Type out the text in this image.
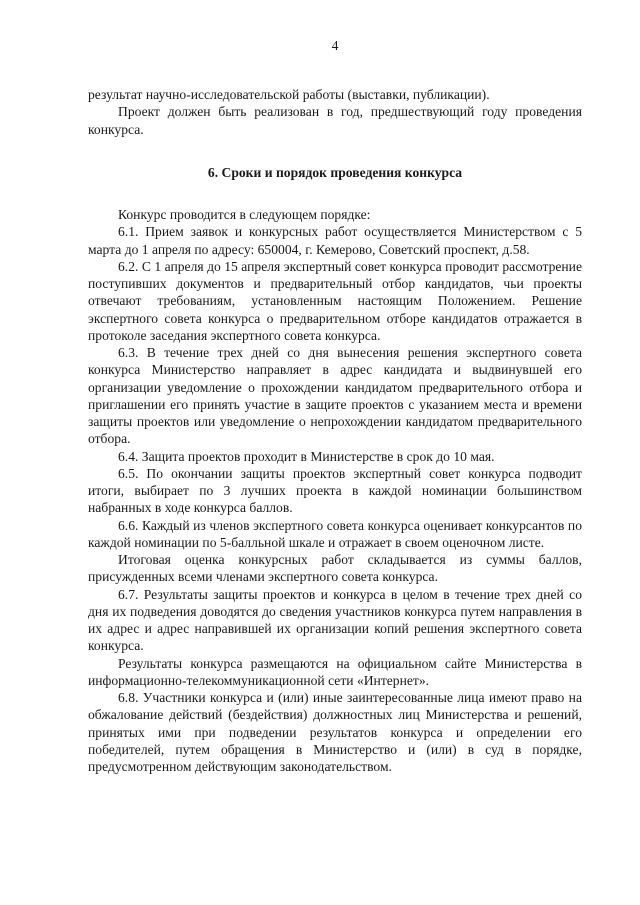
4

результат научно-исследовательской работы (выставки, публикации).

Проект должен быть реализован в год, предшествующий году проведения конкурса.

6. Сроки и порядок проведения конкурса

Конкурс проводится в следующем порядке:

6.1. Прием заявок и конкурсных работ осуществляется Министерством с 5 марта до 1 апреля по адресу: 650004, г. Кемерово, Советский проспект, д.58.

6.2. С 1 апреля до 15 апреля экспертный совет конкурса проводит рассмотрение поступивших документов и предварительный отбор кандидатов, чьи проекты отвечают требованиям, установленным настоящим Положением. Решение экспертного совета конкурса о предварительном отборе кандидатов отражается в протоколе заседания экспертного совета конкурса.

6.3. В течение трех дней со дня вынесения решения экспертного совета конкурса Министерство направляет в адрес кандидата и выдвинувшей его организации уведомление о прохождении кандидатом предварительного отбора и приглашении его принять участие в защите проектов с указанием места и времени защиты проектов или уведомление о непрохождении кандидатом предварительного отбора.

6.4. Защита проектов проходит в Министерстве в срок до 10 мая.

6.5. По окончании защиты проектов экспертный совет конкурса подводит итоги, выбирает по 3 лучших проекта в каждой номинации большинством набранных в ходе конкурса баллов.

6.6. Каждый из членов экспертного совета конкурса оценивает конкурсантов по каждой номинации по 5-балльной шкале и отражает в своем оценочном листе.

Итоговая оценка конкурсных работ складывается из суммы баллов, присужденных всеми членами экспертного совета конкурса.

6.7. Результаты защиты проектов и конкурса в целом в течение трех дней со дня их подведения доводятся до сведения участников конкурса путем направления в их адрес и адрес направившей их организации копий решения экспертного совета конкурса.

Результаты конкурса размещаются на официальном сайте Министерства в информационно-телекоммуникационной сети «Интернет».

6.8. Участники конкурса и (или) иные заинтересованные лица имеют право на обжалование действий (бездействия) должностных лиц Министерства и решений, принятых ими при подведении результатов конкурса и определении его победителей, путем обращения в Министерство и (или) в суд в порядке, предусмотренном действующим законодательством.
